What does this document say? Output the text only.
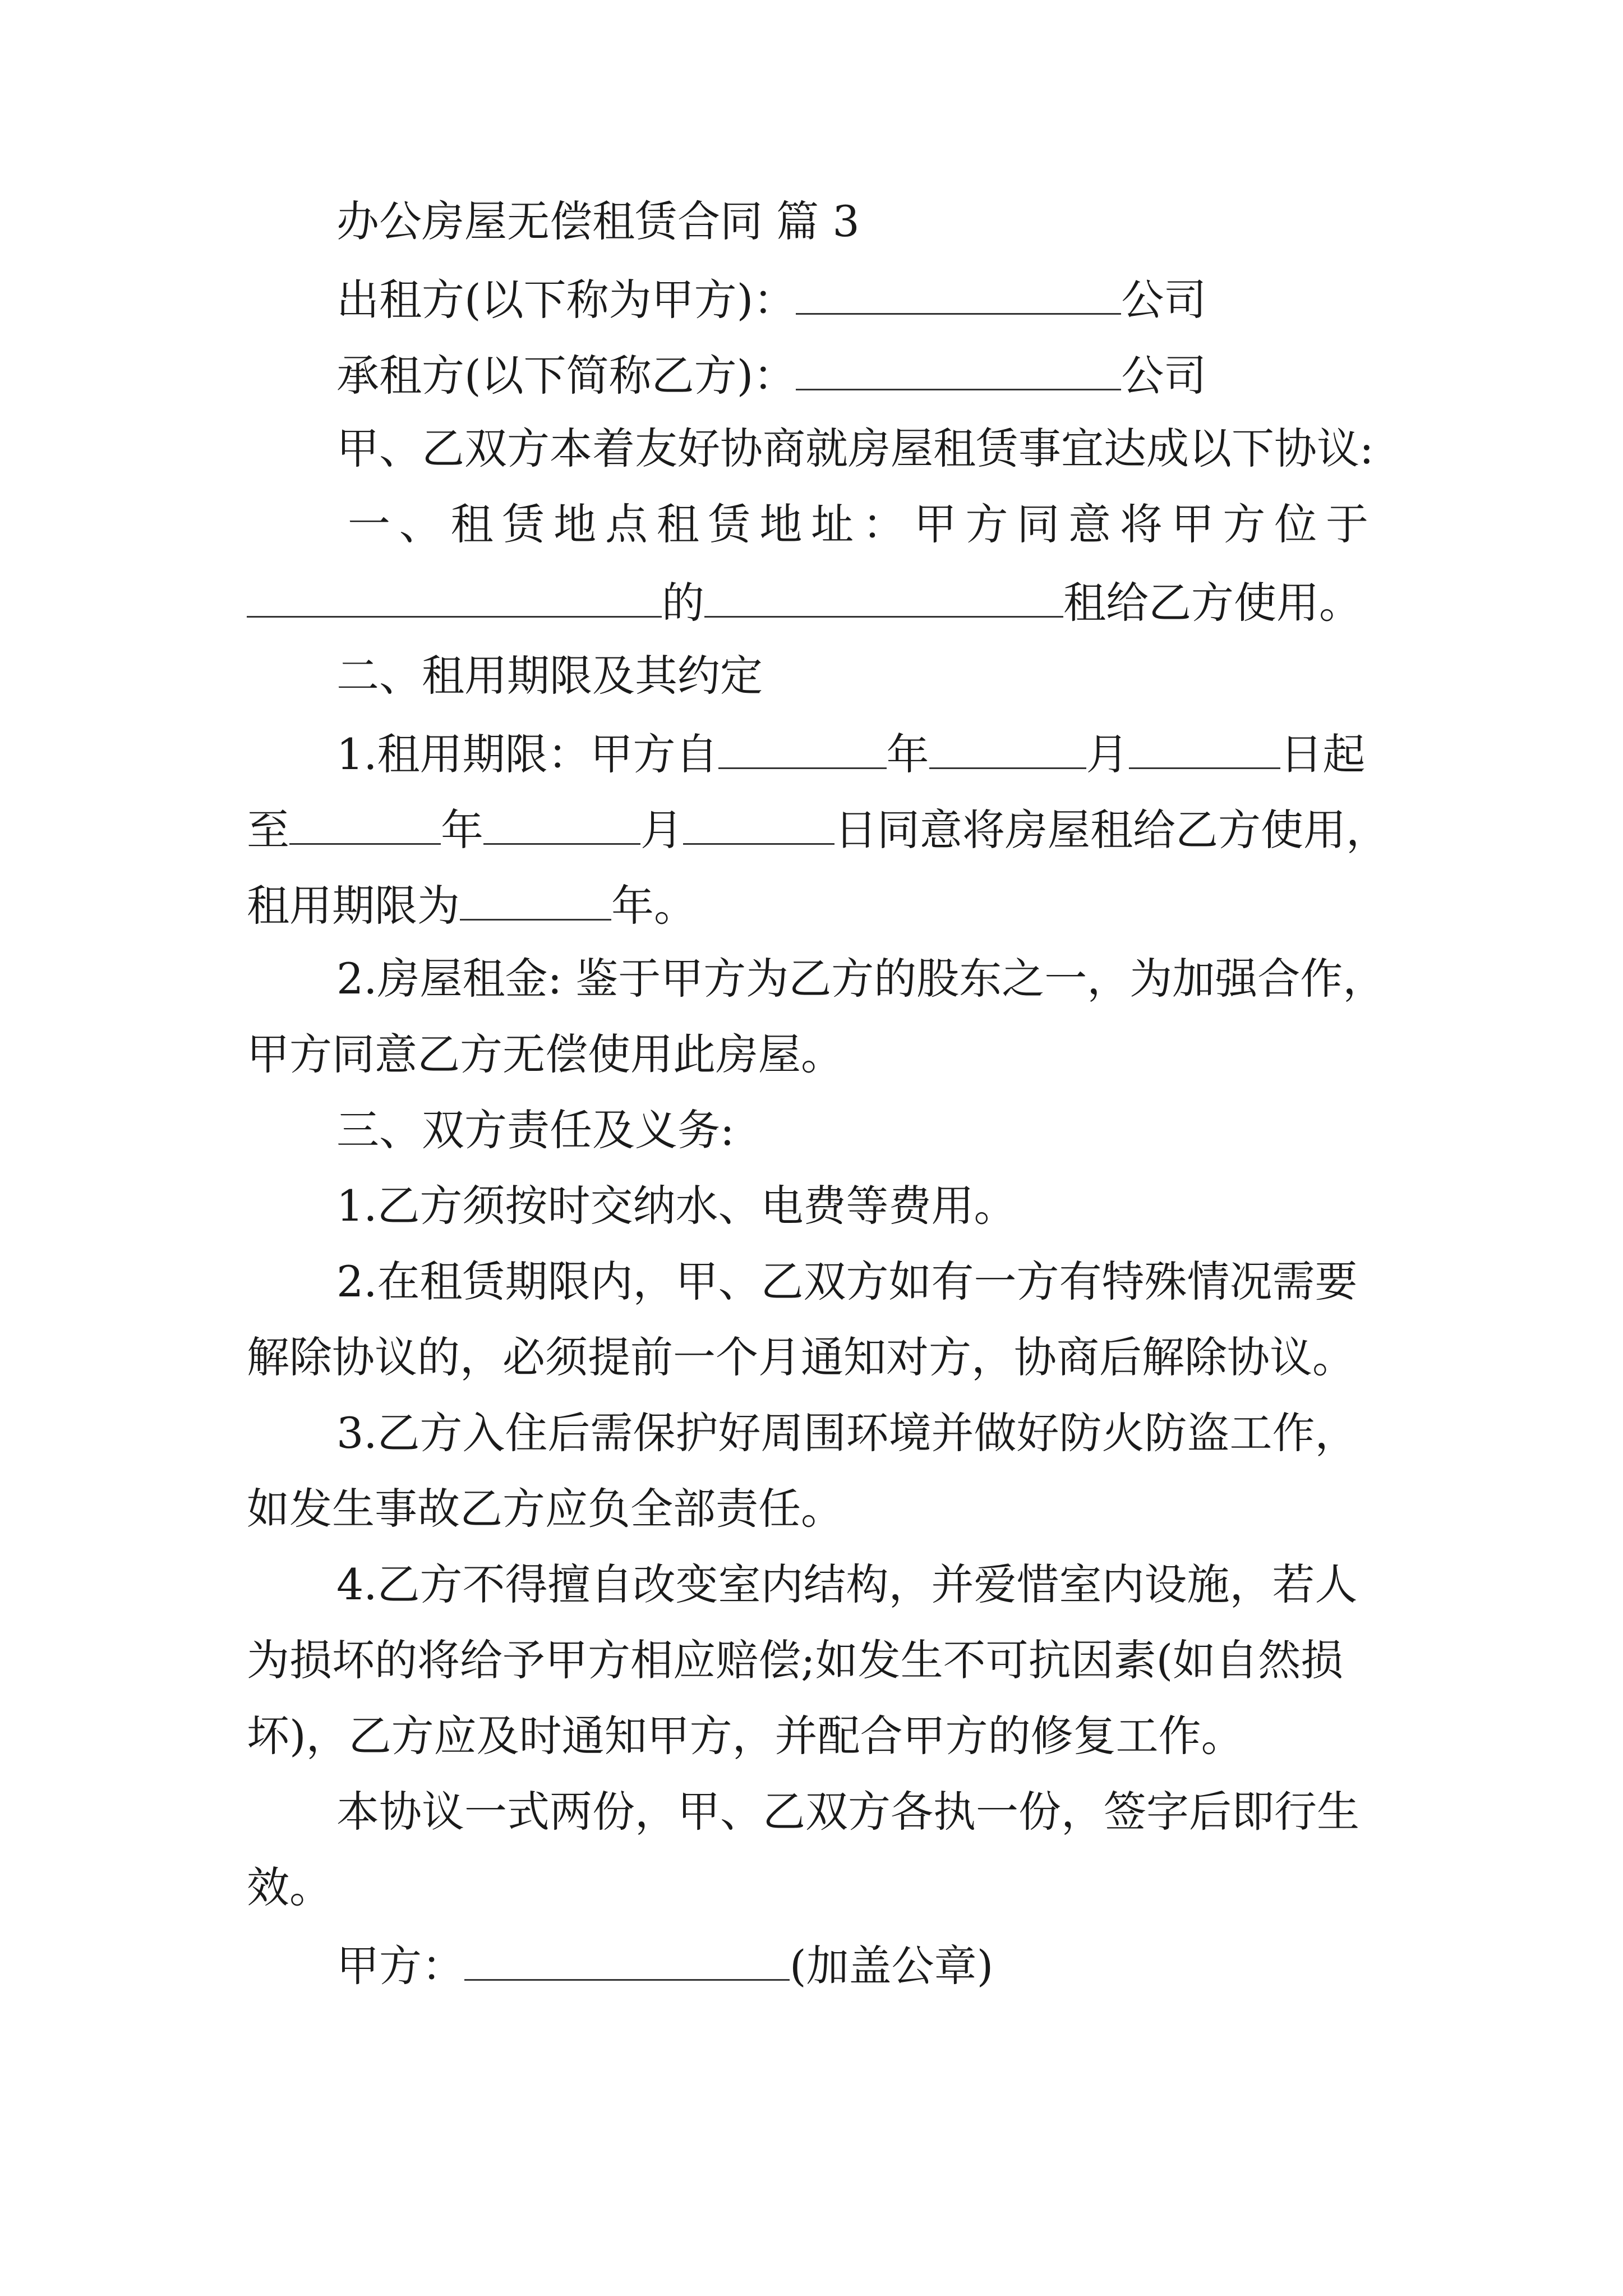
办公房屋无偿租赁合同 篇 3
出租方(以下称为甲方)：	公司
承租方(以下简称乙方)：	公司
甲、乙双方本着友好协商就房屋租赁事宜达成以下协议:
一、租赁地点租赁地址：甲方同意将甲方位于
的	租给乙方使用。
二、租用期限及其约定
1.租用期限：甲方自	年	月	日起
至	年	月	日同意将房屋租给乙方使用，
租用期限为	年。
2.房屋租金: 鉴于甲方为乙方的股东之一，为加强合作，
甲方同意乙方无偿使用此房屋。
三、双方责任及义务:
1.乙方须按时交纳水、电费等费用。
2.在租赁期限内，甲、乙双方如有一方有特殊情况需要
解除协议的，必须提前一个月通知对方，协商后解除协议。
3.乙方入住后需保护好周围环境并做好防火防盗工作，
如发生事故乙方应负全部责任。
4.乙方不得擅自改变室内结构，并爱惜室内设施，若人
为损坏的将给予甲方相应赔偿;如发生不可抗因素(如自然损
坏)，乙方应及时通知甲方，并配合甲方的修复工作。
本协议一式两份，甲、乙双方各执一份，签字后即行生
效。
甲方：	(加盖公章)
